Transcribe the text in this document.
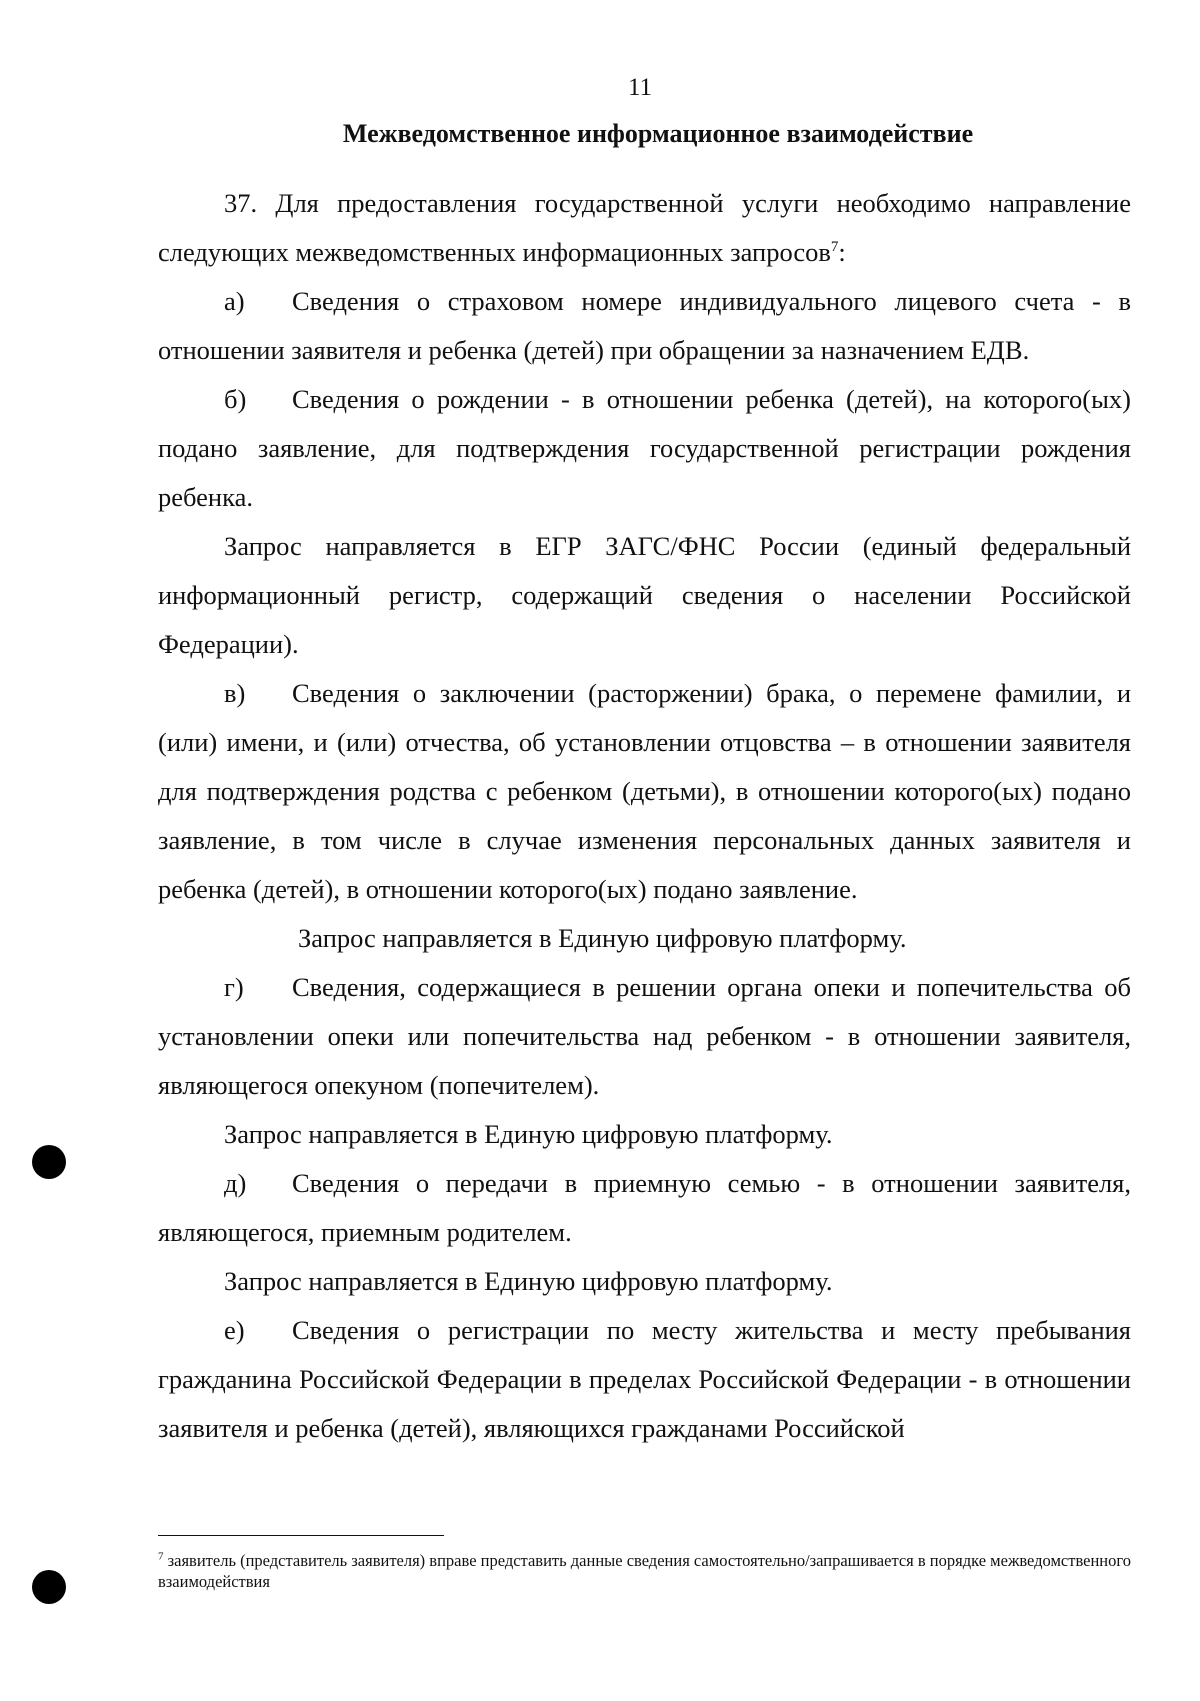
11
Межведомственное информационное взаимодействие

37. Для предоставления государственной услуги необходимо направление следующих межведомственных информационных запросов$^7$:

а) Сведения о страховом номере индивидуального лицевого счета - в отношении заявителя и ребенка (детей) при обращении за назначением ЕДВ.

б) Сведения о рождении - в отношении ребенка (детей), на которого(ых) подано заявление, для подтверждения государственной регистрации рождения ребенка.

Запрос направляется в ЕГР ЗАГС/ФНС России (единый федеральный информационный регистр, содержащий сведения о населении Российской Федерации).

в) Сведения о заключении (расторжении) брака, о перемене фамилии, и (или) имени, и (или) отчества, об установлении отцовства – в отношении заявителя для подтверждения родства с ребенком (детьми), в отношении которого(ых) подано заявление, в том числе в случае изменения персональных данных заявителя и ребенка (детей), в отношении которого(ых) подано заявление.

Запрос направляется в Единую цифровую платформу.

г) Сведения, содержащиеся в решении органа опеки и попечительства об установлении опеки или попечительства над ребенком - в отношении заявителя, являющегося опекуном (попечителем).

Запрос направляется в Единую цифровую платформу.

д) Сведения о передачи в приемную семью - в отношении заявителя, являющегося, приемным родителем.

Запрос направляется в Единую цифровую платформу.

е) Сведения о регистрации по месту жительства и месту пребывания гражданина Российской Федерации в пределах Российской Федерации - в отношении заявителя и ребенка (детей), являющихся гражданами Российской

$^7$ заявитель (представитель заявителя) вправе представить данные сведения самостоятельно/запрашивается в порядке межведомственного взаимодействия
